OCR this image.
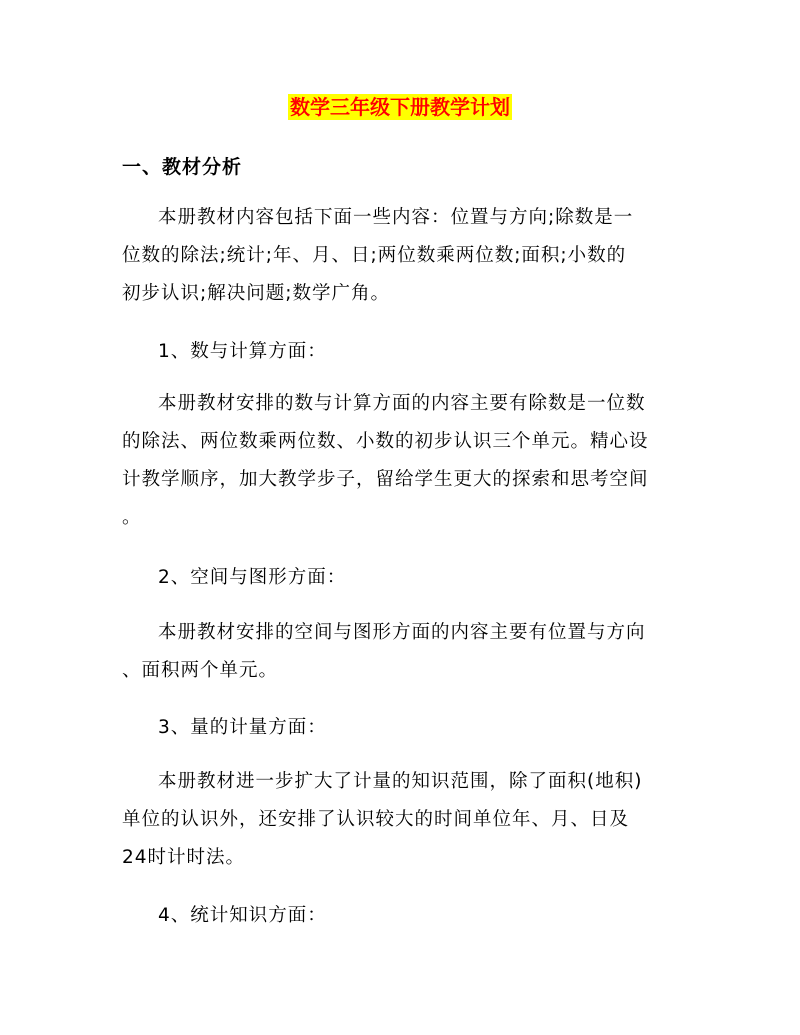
数学三年级下册教学计划
一、教材分析
本册教材内容包括下面一些内容：位置与方向;除数是一
位数的除法;统计;年、月、日;两位数乘两位数;面积;小数的
初步认识;解决问题;数学广角。
1、数与计算方面：
本册教材安排的数与计算方面的内容主要有除数是一位数
的除法、两位数乘两位数、小数的初步认识三个单元。精心设
计教学顺序，加大教学步子，留给学生更大的探索和思考空间
。
2、空间与图形方面：
本册教材安排的空间与图形方面的内容主要有位置与方向
、面积两个单元。
3、量的计量方面：
本册教材进一步扩大了计量的知识范围，除了面积(地积)
单位的认识外，还安排了认识较大的时间单位年、月、日及
24时计时法。
4、统计知识方面：
